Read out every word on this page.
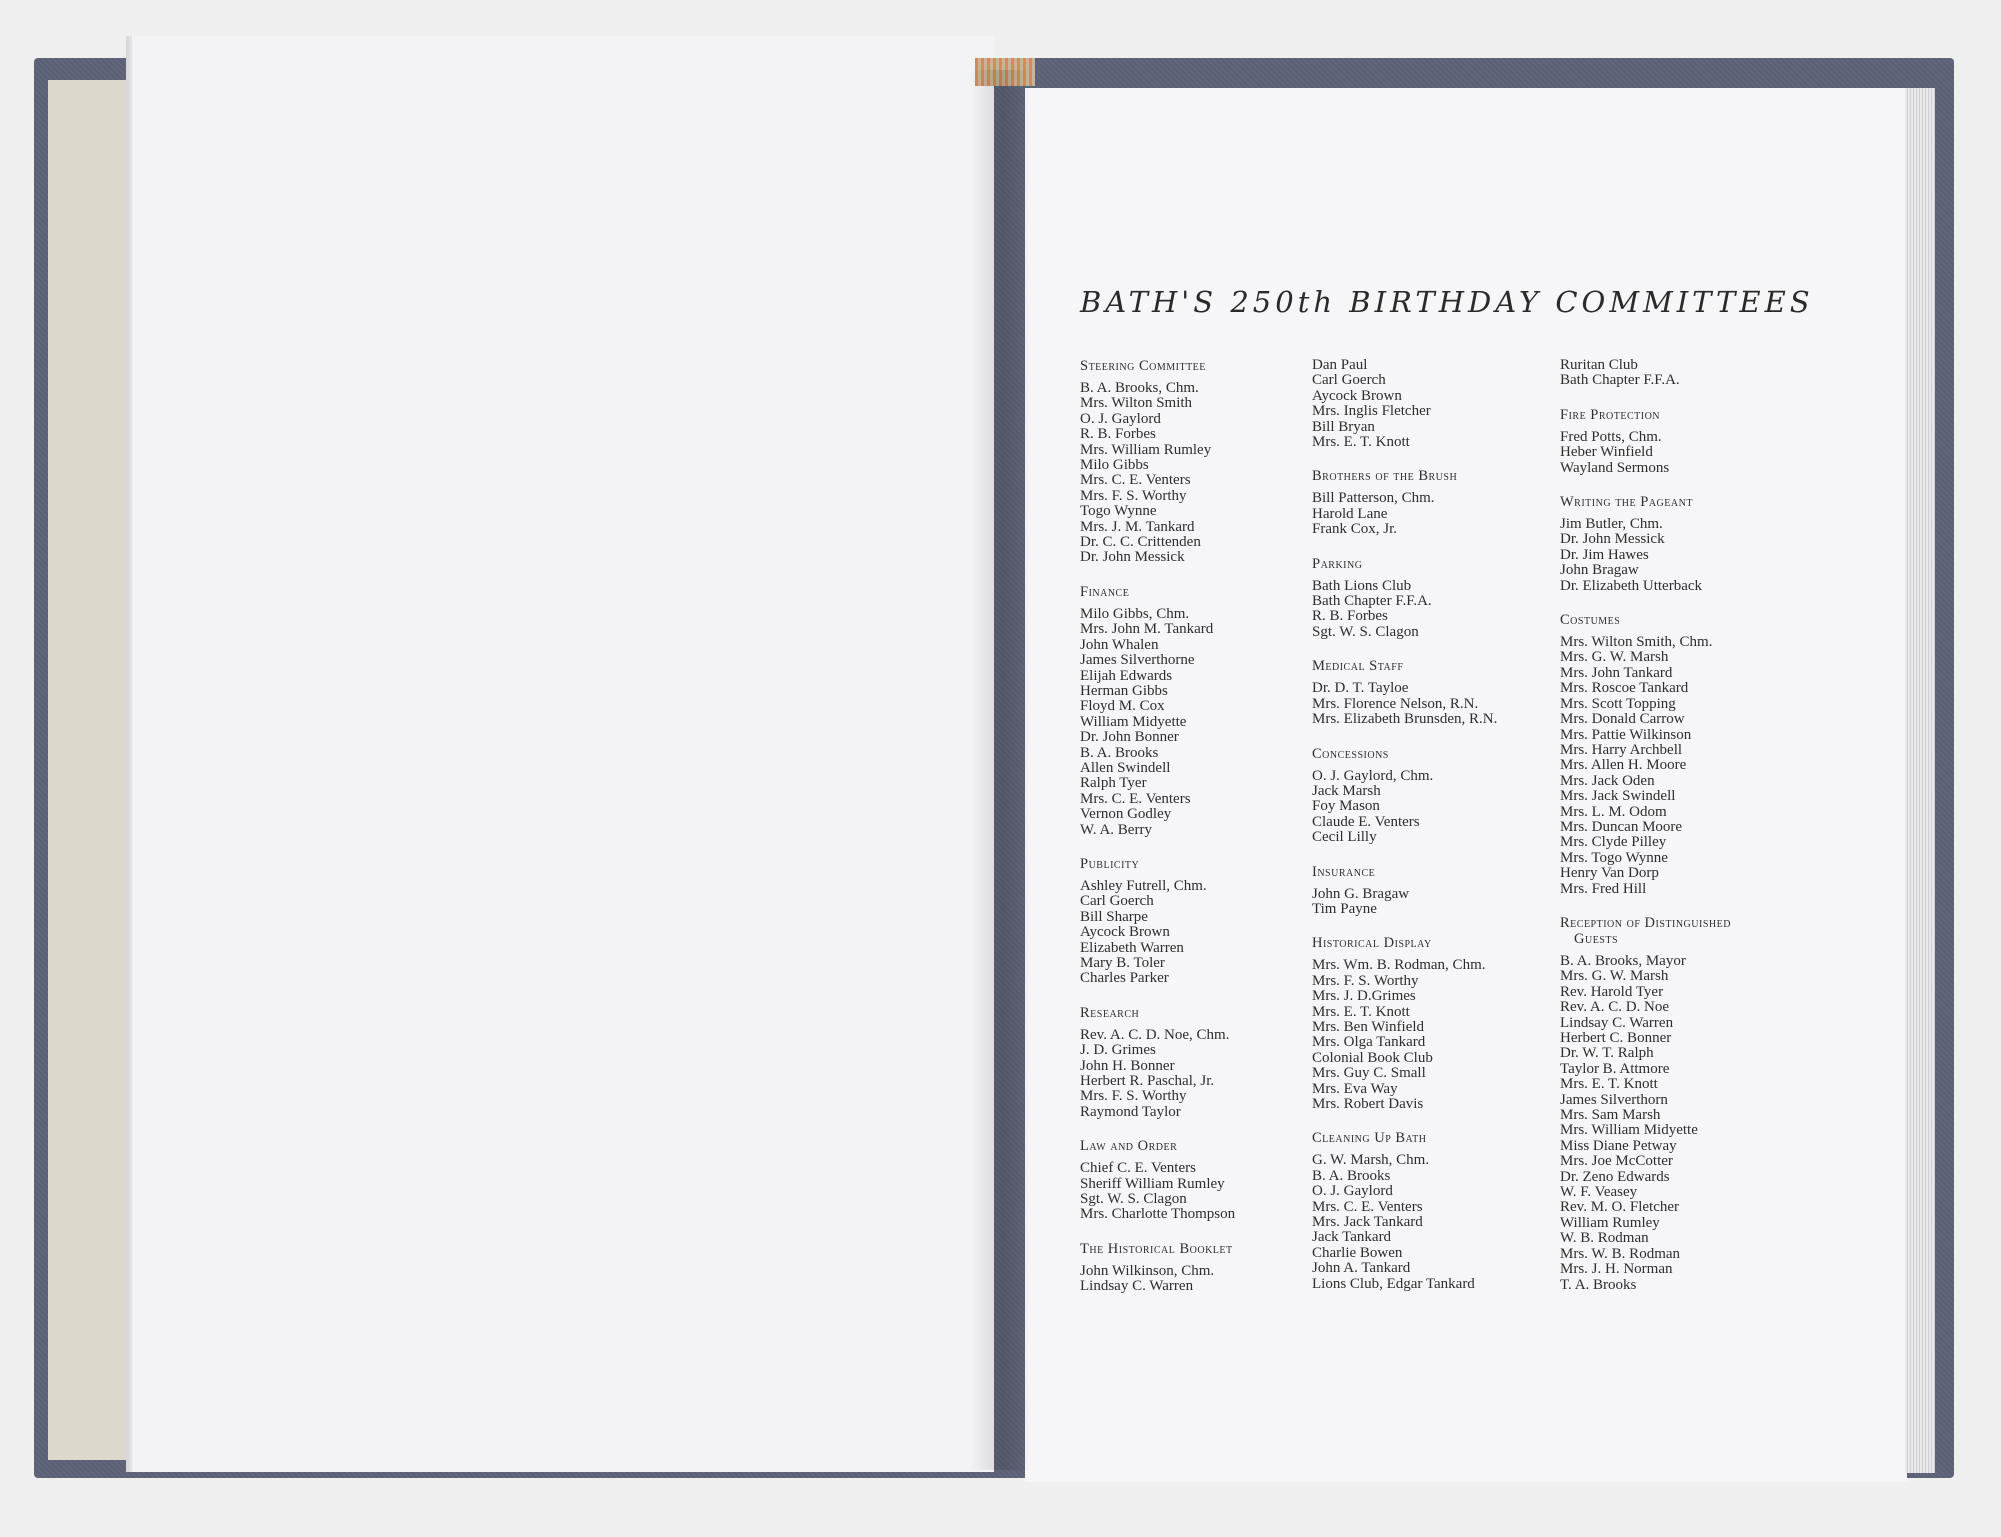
BATH'S 250th BIRTHDAY COMMITTEES
Steering Committee

B. A. Brooks, Chm.

Mrs. Wilton Smith

O. J. Gaylord

R. B. Forbes

Mrs. William Rumley

Milo Gibbs

Mrs. C. E. Venters

Mrs. F. S. Worthy

Togo Wynne

Mrs. J. M. Tankard

Dr. C. C. Crittenden

Dr. John Messick

Finance

Milo Gibbs, Chm.

Mrs. John M. Tankard

John Whalen

James Silverthorne

Elijah Edwards

Herman Gibbs

Floyd M. Cox

William Midyette

Dr. John Bonner

B. A. Brooks

Allen Swindell

Ralph Tyer

Mrs. C. E. Venters

Vernon Godley

W. A. Berry

Publicity

Ashley Futrell, Chm.

Carl Goerch

Bill Sharpe

Aycock Brown

Elizabeth Warren

Mary B. Toler

Charles Parker

Research

Rev. A. C. D. Noe, Chm.

J. D. Grimes

John H. Bonner

Herbert R. Paschal, Jr.

Mrs. F. S. Worthy

Raymond Taylor

Law and Order

Chief C. E. Venters

Sheriff William Rumley

Sgt. W. S. Clagon

Mrs. Charlotte Thompson

The Historical Booklet

John Wilkinson, Chm.

Lindsay C. Warren

Dan Paul

Carl Goerch

Aycock Brown

Mrs. Inglis Fletcher

Bill Bryan

Mrs. E. T. Knott

Brothers of the Brush

Bill Patterson, Chm.

Harold Lane

Frank Cox, Jr.

Parking

Bath Lions Club

Bath Chapter F.F.A.

R. B. Forbes

Sgt. W. S. Clagon

Medical Staff

Dr. D. T. Tayloe

Mrs. Florence Nelson, R.N.

Mrs. Elizabeth Brunsden, R.N.

Concessions

O. J. Gaylord, Chm.

Jack Marsh

Foy Mason

Claude E. Venters

Cecil Lilly

Insurance

John G. Bragaw

Tim Payne

Historical Display

Mrs. Wm. B. Rodman, Chm.

Mrs. F. S. Worthy

Mrs. J. D.Grimes

Mrs. E. T. Knott

Mrs. Ben Winfield

Mrs. Olga Tankard

Colonial Book Club

Mrs. Guy C. Small

Mrs. Eva Way

Mrs. Robert Davis

Cleaning Up Bath

G. W. Marsh, Chm.

B. A. Brooks

O. J. Gaylord

Mrs. C. E. Venters

Mrs. Jack Tankard

Jack Tankard

Charlie Bowen

John A. Tankard

Lions Club, Edgar Tankard

Ruritan Club

Bath Chapter F.F.A.

Fire Protection

Fred Potts, Chm.

Heber Winfield

Wayland Sermons

Writing the Pageant

Jim Butler, Chm.

Dr. John Messick

Dr. Jim Hawes

John Bragaw

Dr. Elizabeth Utterback

Costumes

Mrs. Wilton Smith, Chm.

Mrs. G. W. Marsh

Mrs. John Tankard

Mrs. Roscoe Tankard

Mrs. Scott Topping

Mrs. Donald Carrow

Mrs. Pattie Wilkinson

Mrs. Harry Archbell

Mrs. Allen H. Moore

Mrs. Jack Oden

Mrs. Jack Swindell

Mrs. L. M. Odom

Mrs. Duncan Moore

Mrs. Clyde Pilley

Mrs. Togo Wynne

Henry Van Dorp

Mrs. Fred Hill

Reception of Distinguished
Guests

B. A. Brooks, Mayor

Mrs. G. W. Marsh

Rev. Harold Tyer

Rev. A. C. D. Noe

Lindsay C. Warren

Herbert C. Bonner

Dr. W. T. Ralph

Taylor B. Attmore

Mrs. E. T. Knott

James Silverthorn

Mrs. Sam Marsh

Mrs. William Midyette

Miss Diane Petway

Mrs. Joe McCotter

Dr. Zeno Edwards

W. F. Veasey

Rev. M. O. Fletcher

William Rumley

W. B. Rodman

Mrs. W. B. Rodman

Mrs. J. H. Norman

T. A. Brooks
